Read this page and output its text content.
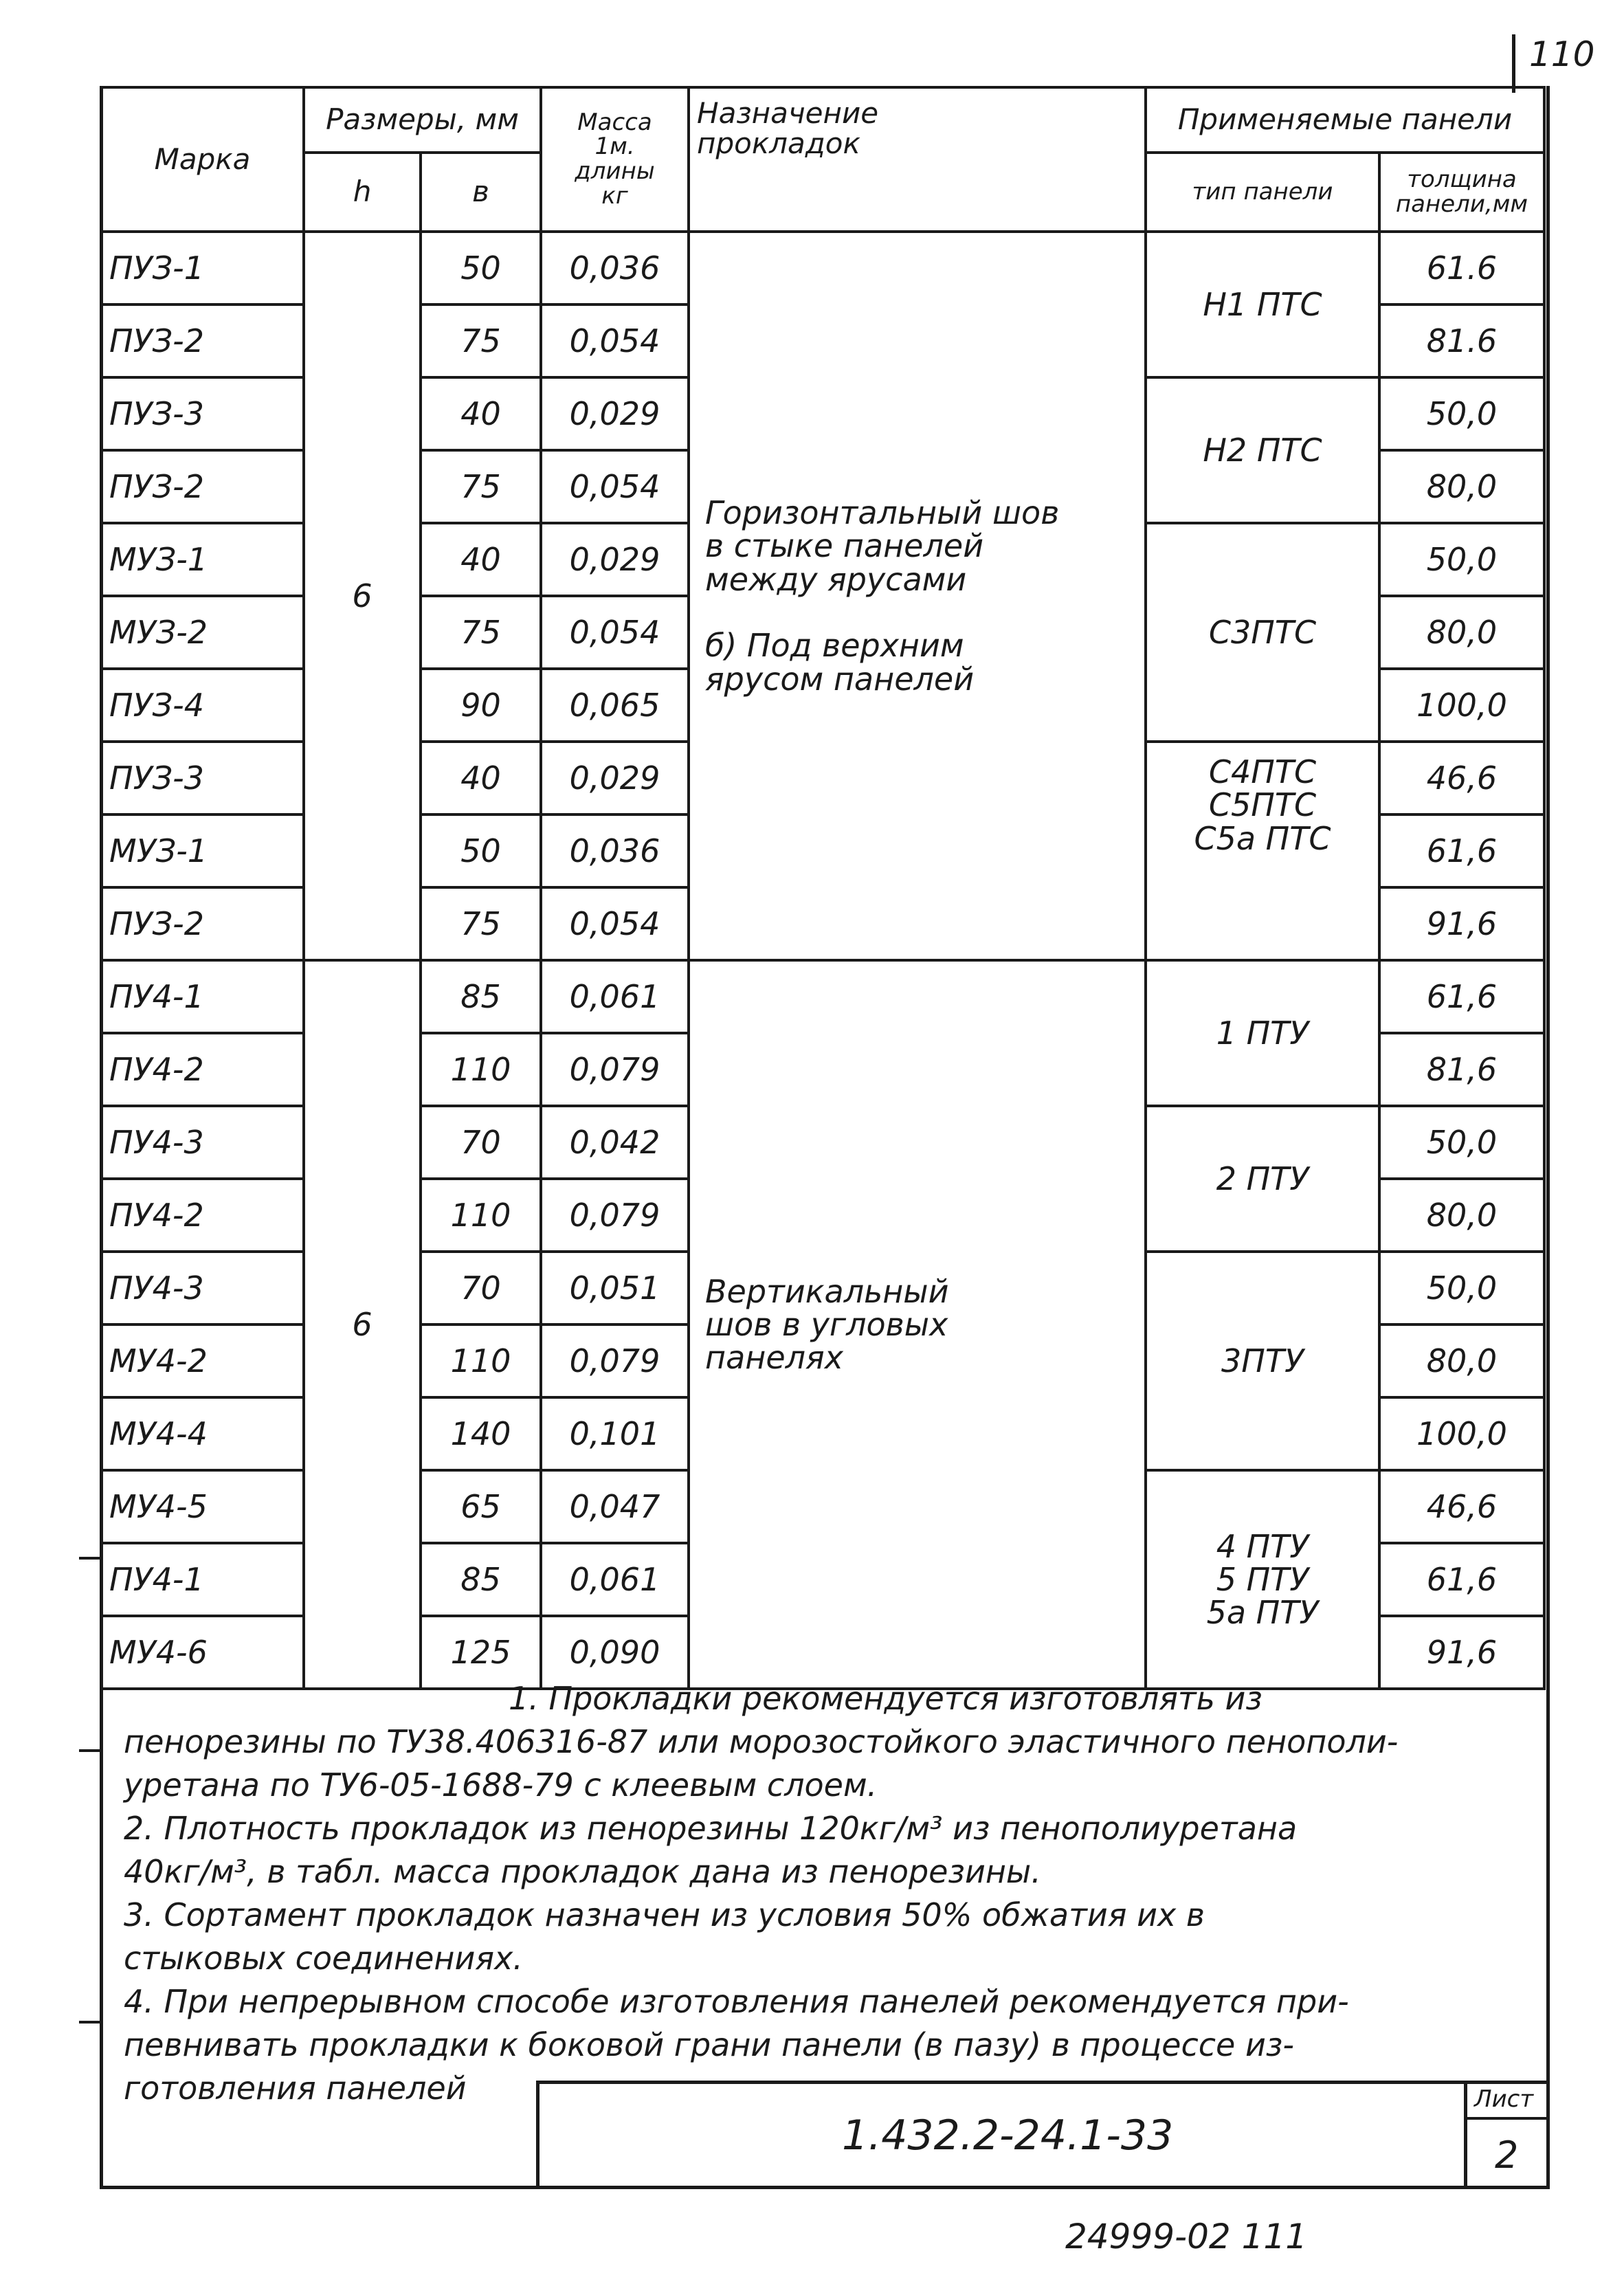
110
Марка	Размеры, мм		Масса
1м.
длины
кг	Назначение
прокладок	Применяемые панели	
	h	в			тип панели	толщина
панели,мм
ПУЗ-1	6	50	0,036	Горизонтальный шов
в стыке панелей
между ярусами

б) Под верхним
ярусом панелей	Н1 ПТС	61.6
ПУЗ-2		75	0,054			81.6
ПУЗ-3		40	0,029		Н2 ПТС	50,0
ПУЗ-2		75	0,054			80,0
МУЗ-1		40	0,029		С3ПТС	50,0
МУЗ-2		75	0,054			80,0
ПУЗ-4		90	0,065			100,0
ПУЗ-3		40	0,029		С4ПТС
С5ПТС
С5а ПТС	46,6
МУЗ-1		50	0,036			61,6
ПУЗ-2		75	0,054			91,6
ПУ4-1	6	85	0,061	Вертикальный
шов в угловых
панелях	1 ПТУ	61,6
ПУ4-2		110	0,079			81,6
ПУ4-3		70	0,042		2 ПТУ	50,0
ПУ4-2		110	0,079			80,0
ПУ4-3		70	0,051		3ПТУ	50,0
МУ4-2		110	0,079			80,0
МУ4-4		140	0,101			100,0
МУ4-5		65	0,047		4 ПТУ
5 ПТУ
5а ПТУ	46,6
ПУ4-1		85	0,061			61,6
МУ4-6		125	0,090			91,6

1. Прокладки рекомендуется изготовлять из

пенорезины по ТУ38.406316-87 или морозостойкого эластичного пенополи-

уретана по ТУ6-05-1688-79 с клеевым слоем.

2. Плотность прокладок из пенорезины 120кг/м³ из пенополиуретана

40кг/м³, в табл. масса прокладок дана из пенорезины.

3. Сортамент прокладок назначен из условия 50% обжатия их в

стыковых соединениях.

4. При непрерывном способе изготовления панелей рекомендуется при-

певнивать прокладки к боковой грани панели (в пазу) в процессе из-

готовления панелей

1.432.2-24.1-33
Лист
2
24999-02 111
